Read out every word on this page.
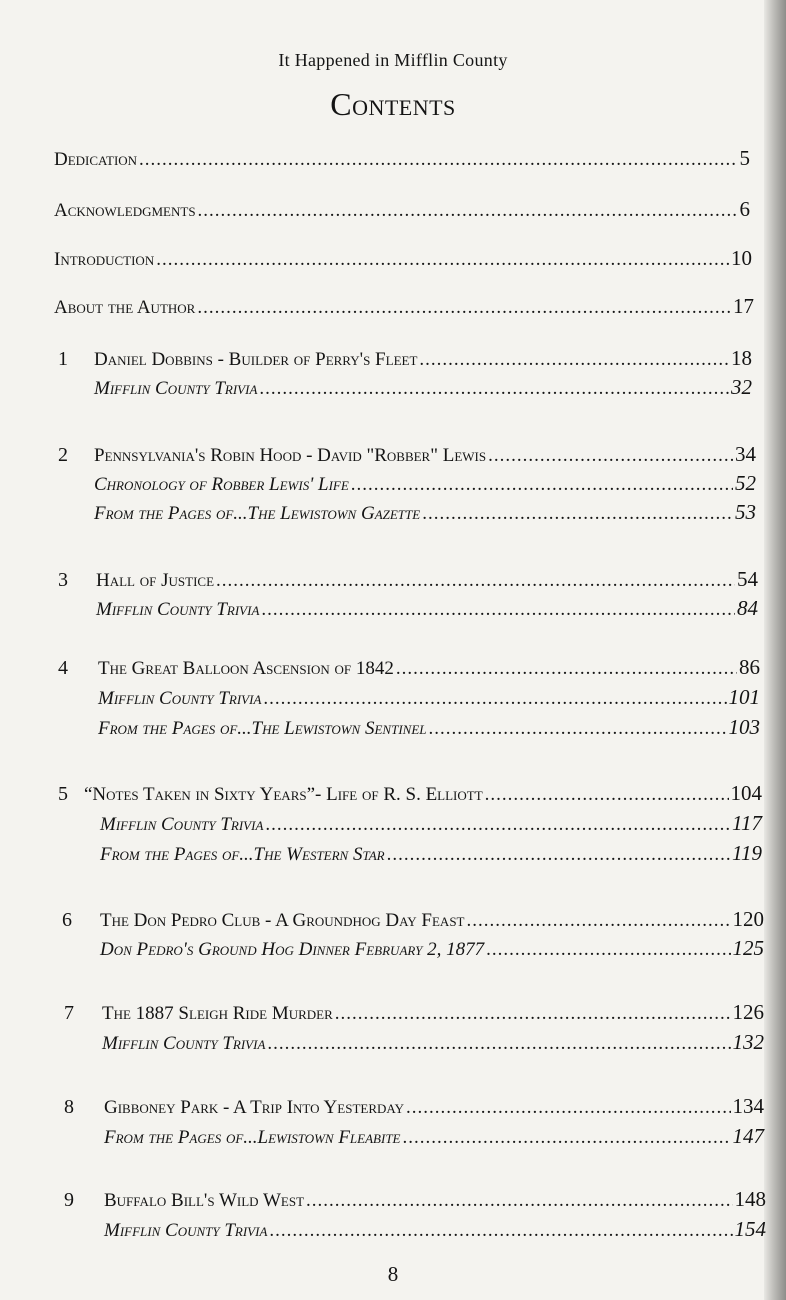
It Happened in Mifflin County
Contents
Dedication .....	5
Acknowledgments .....	6
Introduction .....	10
About the Author .....	17
1	Daniel Dobbins - Builder of Perry's Fleet .....	18
Mifflin County Trivia .....	32
2	Pennsylvania's Robin Hood - David "Robber" Lewis .....	34
Chronology of Robber Lewis' Life .....	52
From the Pages of...The Lewistown Gazette .....	53
3	Hall of Justice .....	54
Mifflin County Trivia .....	84
4	The Great Balloon Ascension of 1842 .....	86
Mifflin County Trivia .....	101
From the Pages of...The Lewistown Sentinel .....	103
5 “Notes Taken in Sixty Years”- Life of R. S. Elliott .....	104
Mifflin County Trivia .....	117
From the Pages of...The Western Star .....	119
6	The Don Pedro Club - A Groundhog Day Feast .....	120
Don Pedro's Ground Hog Dinner February 2, 1877 .....	125
7	The 1887 Sleigh Ride Murder .....	126
Mifflin County Trivia .....	132
8	Gibboney Park - A Trip Into Yesterday .....	134
From the Pages of...Lewistown Fleabite .....	147
9	Buffalo Bill's Wild West .....	148
Mifflin County Trivia .....	154
8
